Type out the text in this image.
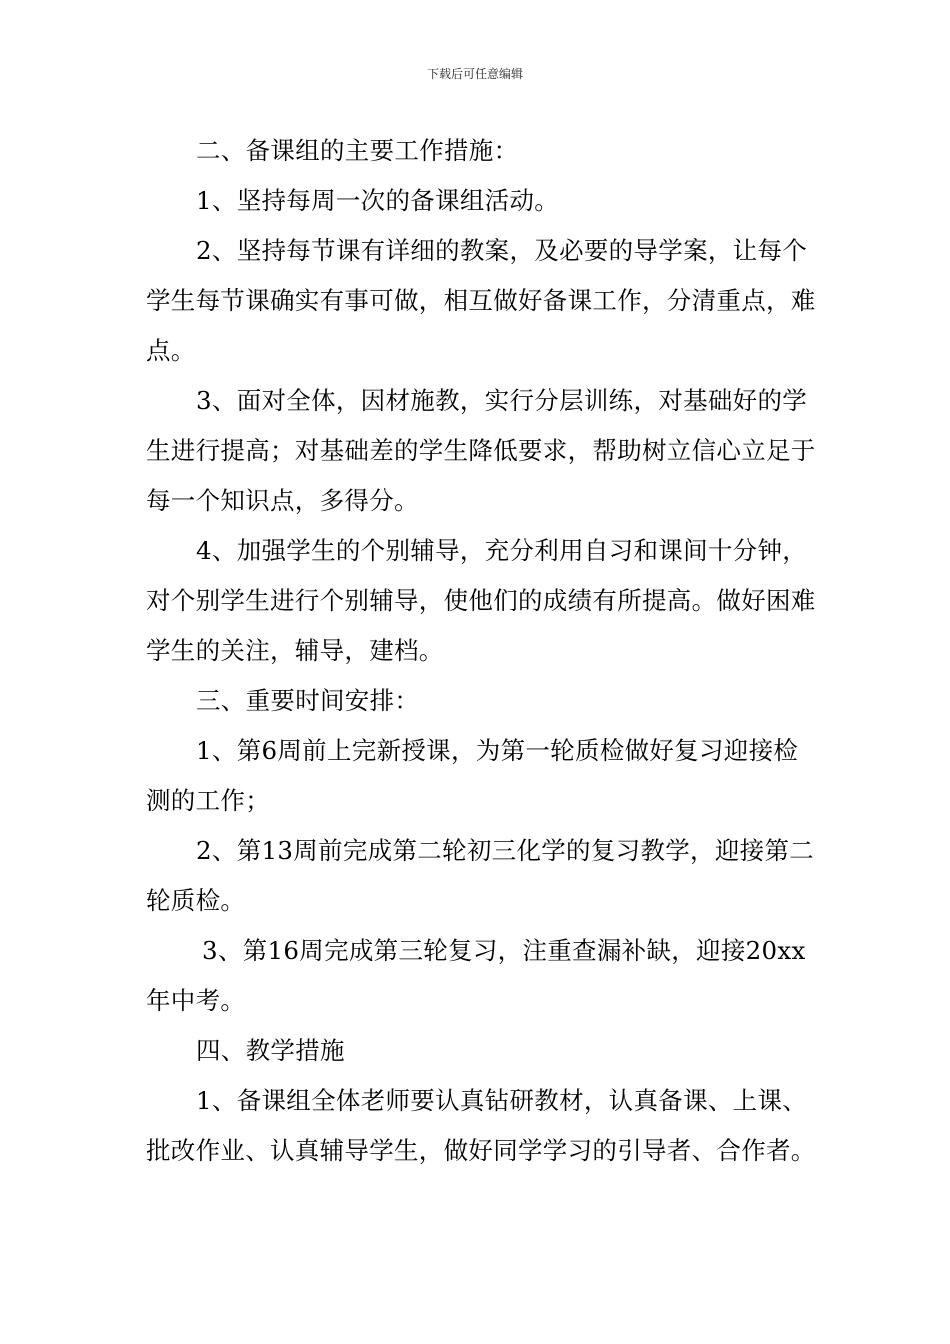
下载后可任意编辑

二、备课组的主要工作措施：

1、坚持每周一次的备课组活动。

2、坚持每节课有详细的教案，及必要的导学案，让每个学生每节课确实有事可做，相互做好备课工作，分清重点，难点。

3、面对全体，因材施教，实行分层训练，对基础好的学生进行提高；对基础差的学生降低要求，帮助树立信心立足于每一个知识点，多得分。

4、加强学生的个别辅导，充分利用自习和课间十分钟，对个别学生进行个别辅导，使他们的成绩有所提高。做好困难学生的关注，辅导，建档。

三、重要时间安排：

1、第6周前上完新授课，为第一轮质检做好复习迎接检测的工作；

2、第13周前完成第二轮初三化学的复习教学，迎接第二轮质检。

3、第16周完成第三轮复习，注重查漏补缺，迎接20xx年中考。

四、教学措施

1、备课组全体老师要认真钻研教材，认真备课、上课、批改作业、认真辅导学生，做好同学学习的引导者、合作者。
